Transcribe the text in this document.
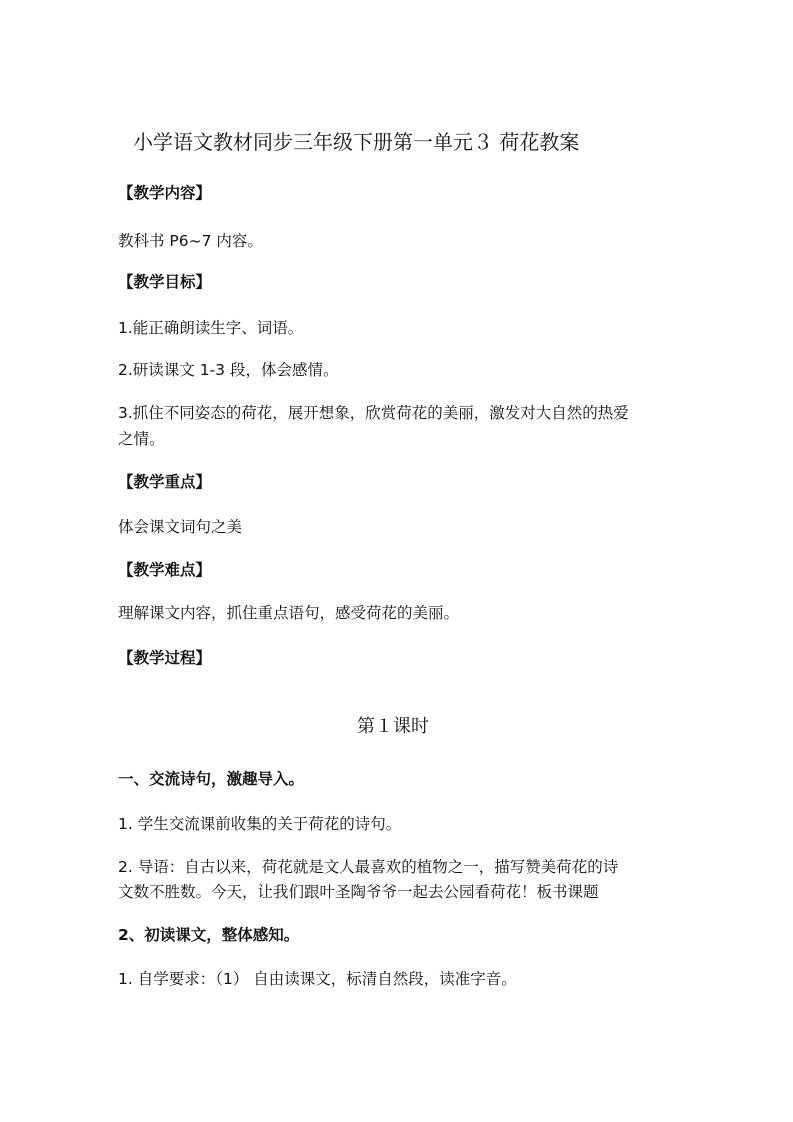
小学语文教材同步三年级下册第一单元３ 荷花教案
【教学内容】
教科书 P6~7 内容。
【教学目标】
1.能正确朗读生字、词语。
2.研读课文 1-3 段，体会感情。
3.抓住不同姿态的荷花，展开想象，欣赏荷花的美丽，激发对大自然的热爱
之情。
【教学重点】
体会课文词句之美
【教学难点】
理解课文内容，抓住重点语句，感受荷花的美丽。
【教学过程】
第１课时
一、交流诗句，激趣导入。
1. 学生交流课前收集的关于荷花的诗句。
2. 导语：自古以来，荷花就是文人最喜欢的植物之一，描写赞美荷花的诗
文数不胜数。今天，让我们跟叶圣陶爷爷一起去公园看荷花！板书课题
2、初读课文，整体感知。
1. 自学要求：（1） 自由读课文，标清自然段，读准字音。
